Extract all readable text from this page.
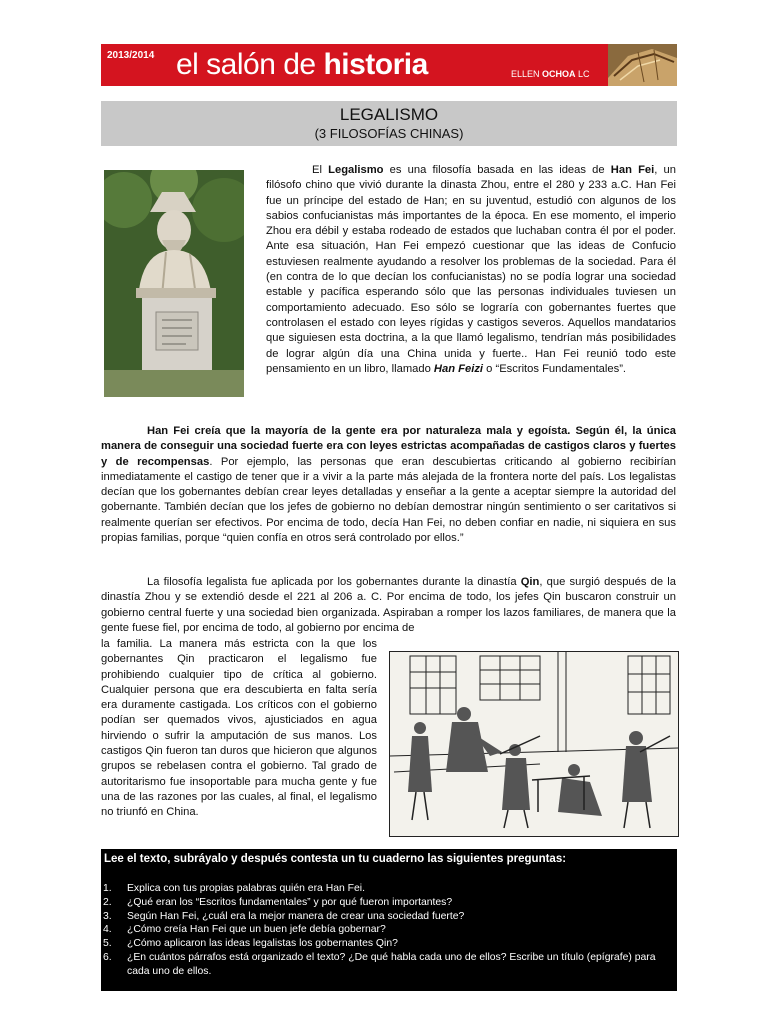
2013/2014 el salón de historia	ELLEN OCHOA LC
LEGALISMO
(3 FILOSOFÍAS CHINAS)
El Legalismo es una filosofía basada en las ideas de Han Fei, un filósofo chino que vivió durante la dinasta Zhou, entre el 280 y 233 a.C. Han Fei fue un príncipe del estado de Han; en su juventud, estudió con algunos de los sabios confucianistas más importantes de la época. En ese momento, el imperio Zhou era débil y estaba rodeado de estados que luchaban contra él por el poder. Ante esa situación, Han Fei empezó cuestionar que las ideas de Confucio estuviesen realmente ayudando a resolver los problemas de la sociedad. Para él (en contra de lo que decían los confucianistas) no se podía lograr una sociedad estable y pacífica esperando sólo que las personas individuales tuviesen un comportamiento adecuado. Eso sólo se lograría con gobernantes fuertes que controlasen el estado con leyes rígidas y castigos severos. Aquellos mandatarios que siguiesen esta doctrina, a la que llamó legalismo, tendrían más posibilidades de lograr algún día una China unida y fuerte.. Han Fei reunió todo este pensamiento en un libro, llamado Han Feizi o “Escritos Fundamentales”.
Han Fei creía que la mayoría de la gente era por naturaleza mala y egoísta. Según él, la única manera de conseguir una sociedad fuerte era con leyes estrictas acompañadas de castigos claros y fuertes y de recompensas. Por ejemplo, las personas que eran descubiertas criticando al gobierno recibirían inmediatamente el castigo de tener que ir a vivir a la parte más alejada de la frontera norte del país. Los legalistas decían que los gobernantes debían crear leyes detalladas y enseñar a la gente a aceptar siempre la autoridad del gobernante. También decían que los jefes de gobierno no debían demostrar ningún sentimiento o ser caritativos si realmente querían ser efectivos. Por encima de todo, decía Han Fei, no deben confiar en nadie, ni siquiera en sus propias familias, porque “quien confía en otros será controlado por ellos.”
La filosofía legalista fue aplicada por los gobernantes durante la dinastía Qin, que surgió después de la dinastía Zhou y se extendió desde el 221 al 206 a. C. Por encima de todo, los jefes Qin buscaron construir un gobierno central fuerte y una sociedad bien organizada. Aspiraban a romper los lazos familiares, de manera que la gente fuese fiel, por encima de todo, al gobierno por encima de
la familia. La manera más estricta con la que los gobernantes Qin practicaron el legalismo fue prohibiendo cualquier tipo de crítica al gobierno. Cualquier persona que era descubierta en falta sería era duramente castigada. Los críticos con el gobierno podían ser quemados vivos, ajusticiados en agua hirviendo o sufrir la amputación de sus manos. Los castigos Qin fueron tan duros que hicieron que algunos grupos se rebelasen contra el gobierno. Tal grado de autoritarismo fue insoportable para mucha gente y fue una de las razones por las cuales, al final, el legalismo no triunfó en China.
Lee el texto, subráyalo y después contesta un tu cuaderno las siguientes preguntas:
1.	Explica con tus propias palabras quién era Han Fei.
2.	¿Qué eran los “Escritos fundamentales” y por qué fueron importantes?
3.	Según Han Fei, ¿cuál era la mejor manera de crear una sociedad fuerte?
4.	¿Cómo creía Han Fei que un buen jefe debía gobernar?
5.	¿Cómo aplicaron las ideas legalistas los gobernantes Qin?
6.	¿En cuántos párrafos está organizado el texto? ¿De qué habla cada uno de ellos? Escribe un título (epígrafe) para cada uno de ellos.
